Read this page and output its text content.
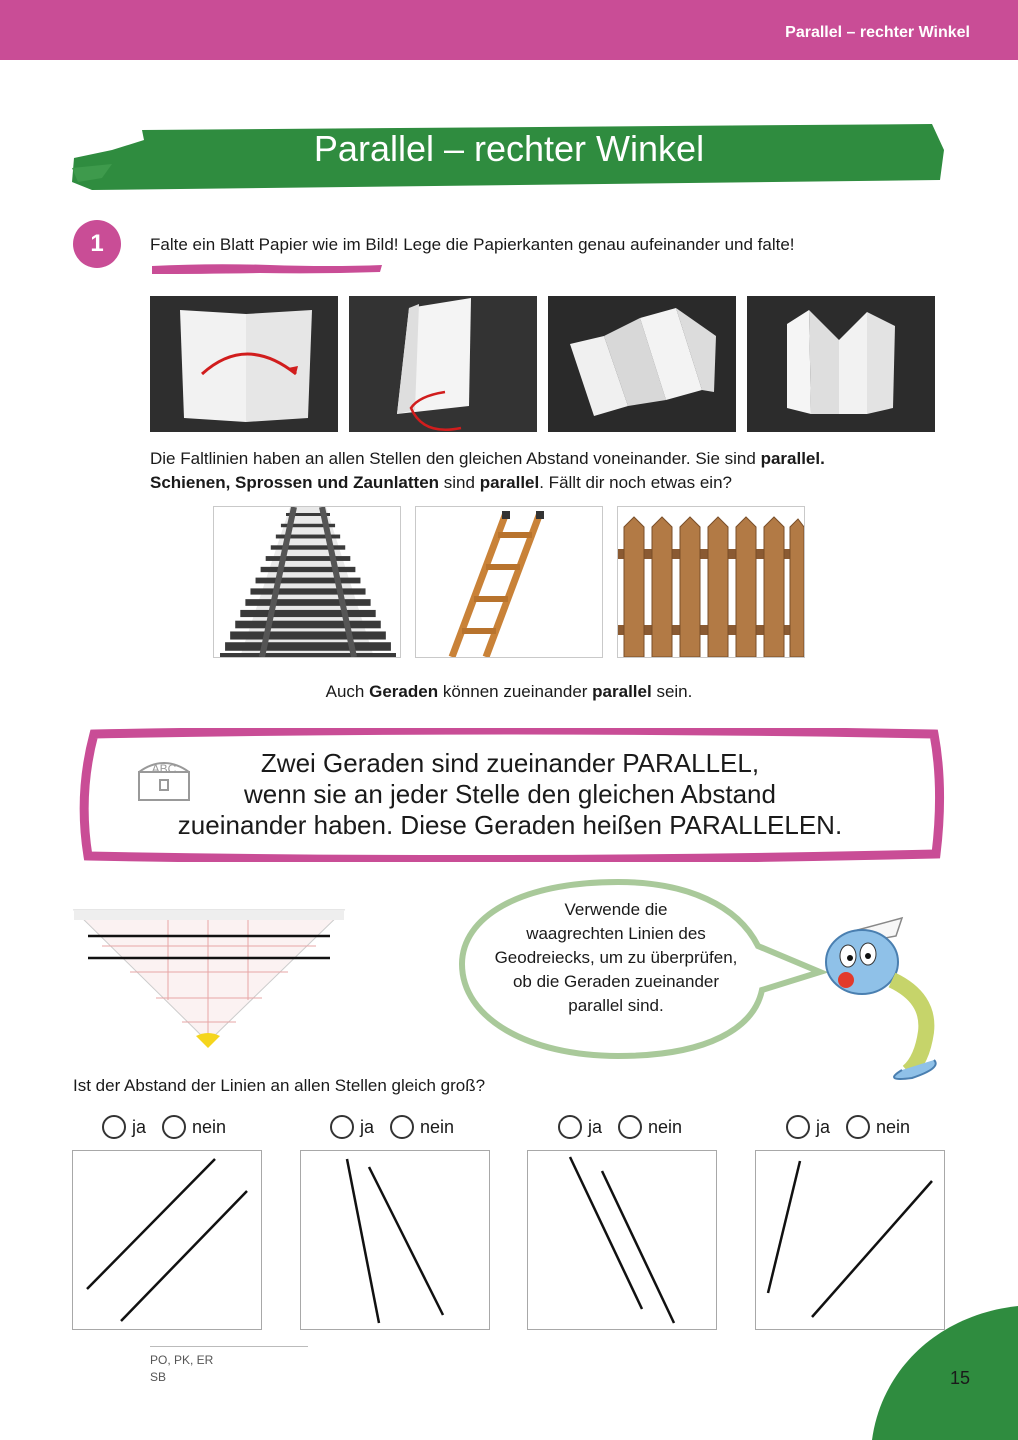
Parallel – rechter Winkel
Parallel – rechter Winkel
1	Falte ein Blatt Papier wie im Bild! Lege die Papierkanten genau aufeinander und falte!
Die Faltlinien haben an allen Stellen den gleichen Abstand voneinander. Sie sind parallel.
Schienen, Sprossen und Zaunlatten sind parallel. Fällt dir noch etwas ein?
Auch Geraden können zueinander parallel sein.
ABC	Zwei Geraden sind zueinander PARALLEL,
wenn sie an jeder Stelle den gleichen Abstand
zueinander haben. Diese Geraden heißen PARALLELEN.
Verwende die
waagrechten Linien des
Geodreiecks, um zu überprüfen,
ob die Geraden zueinander
parallel sind.
Ist der Abstand der Linien an allen Stellen gleich groß?
ja	nein	ja	nein	ja	nein	ja	nein
PO, PK, ER
SB	15
